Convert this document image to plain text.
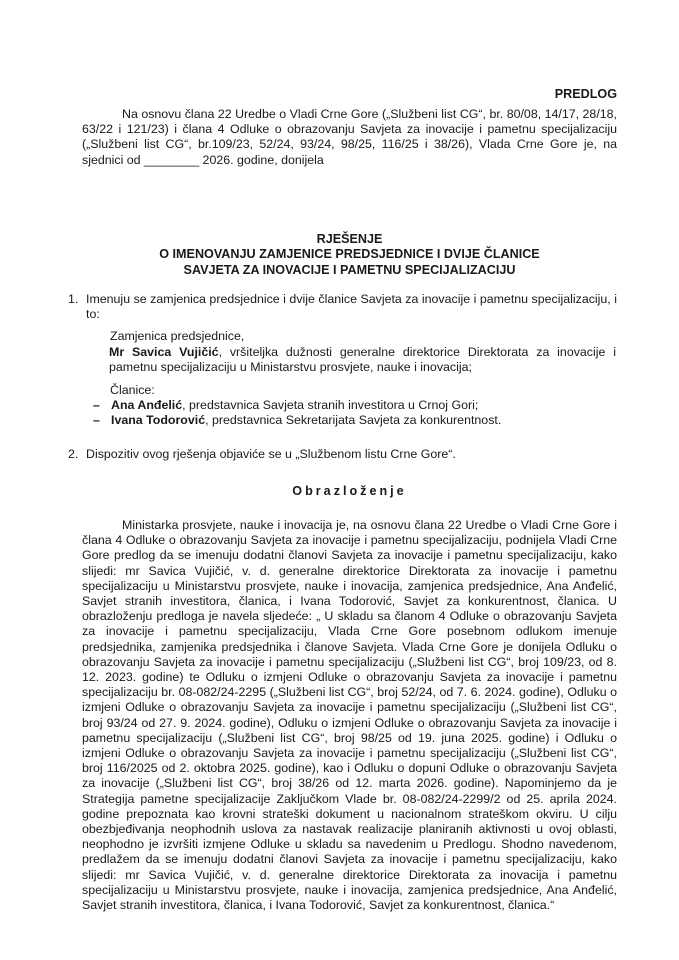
PREDLOG

Na osnovu člana 22 Uredbe o Vladi Crne Gore („Službeni list CG“, br. 80/08, 14/17, 28/18, 63/22 i 121/23) i člana 4 Odluke o obrazovanju Savjeta za inovacije i pametnu specijalizaciju („Službeni list CG“, br.109/23, 52/24, 93/24, 98/25, 116/25 i 38/26), Vlada Crne Gore je, na sjednici od ________ 2026. godine, donijela

RJEŠENJE
O IMENOVANJU ZAMJENICE PREDSJEDNICE I DVIJE ČLANICE
SAVJETA ZA INOVACIJE I PAMETNU SPECIJALIZACIJU
1. Imenuju se zamjenica predsjednice i dvije članice Savjeta za inovacije i pametnu specijalizaciju, i to:
Zamjenica predsjednice,
Mr Savica Vujičić, vršiteljka dužnosti generalne direktorice Direktorata za inovacije i pametnu specijalizaciju u Ministarstvu prosvjete, nauke i inovacija;
Članice:
– Ana Anđelić, predstavnica Savjeta stranih investitora u Crnoj Gori;
– Ivana Todorović, predstavnica Sekretarijata Savjeta za konkurentnost.
2. Dispozitiv ovog rješenja objaviće se u „Službenom listu Crne Gore“.
Obrazloženje

Ministarka prosvjete, nauke i inovacija je, na osnovu člana 22 Uredbe o Vladi Crne Gore i člana 4 Odluke o obrazovanju Savjeta za inovacije i pametnu specijalizaciju, podnijela Vladi Crne Gore predlog da se imenuju dodatni članovi Savjeta za inovacije i pametnu specijalizaciju, kako slijedi: mr Savica Vujičić, v. d. generalne direktorice Direktorata za inovacije i pametnu specijalizaciju u Ministarstvu prosvjete, nauke i inovacija, zamjenica predsjednice, Ana Anđelić, Savjet stranih investitora, članica, i Ivana Todorović, Savjet za konkurentnost, članica. U obrazloženju predloga je navela sljedeće: „ U skladu sa članom 4 Odluke o obrazovanju Savjeta za inovacije i pametnu specijalizaciju, Vlada Crne Gore posebnom odlukom imenuje predsjednika, zamjenika predsjednika i članove Savjeta. Vlada Crne Gore je donijela Odluku o obrazovanju Savjeta za inovacije i pametnu specijalizaciju („Službeni list CG“, broj 109/23, od 8. 12. 2023. godine) te Odluku o izmjeni Odluke o obrazovanju Savjeta za inovacije i pametnu specijalizaciju br. 08-082/24-2295 („Službeni list CG“, broj 52/24, od 7. 6. 2024. godine), Odluku o izmjeni Odluke o obrazovanju Savjeta za inovacije i pametnu specijalizaciju („Službeni list CG“, broj 93/24 od 27. 9. 2024. godine), Odluku o izmjeni Odluke o obrazovanju Savjeta za inovacije i pametnu specijalizaciju („Službeni list CG“, broj 98/25 od 19. juna 2025. godine) i Odluku o izmjeni Odluke o obrazovanju Savjeta za inovacije i pametnu specijalizaciju („Službeni list CG“, broj 116/2025 od 2. oktobra 2025. godine), kao i Odluku o dopuni Odluke o obrazovanju Savjeta za inovacije („Službeni list CG“, broj 38/26 od 12. marta 2026. godine). Napominjemo da je Strategija pametne specijalizacije Zaključkom Vlade br. 08-082/24-2299/2 od 25. aprila 2024. godine prepoznata kao krovni strateški dokument u nacionalnom strateškom okviru. U cilju obezbjeđivanja neophodnih uslova za nastavak realizacije planiranih aktivnosti u ovoj oblasti, neophodno je izvršiti izmjene Odluke u skladu sa navedenim u Predlogu. Shodno navedenom, predlažem da se imenuju dodatni članovi Savjeta za inovacije i pametnu specijalizaciju, kako slijedi: mr Savica Vujičić, v. d. generalne direktorice Direktorata za inovacija i pametnu specijalizaciju u Ministarstvu prosvjete, nauke i inovacija, zamjenica predsjednice, Ana Anđelić, Savjet stranih investitora, članica, i Ivana Todorović, Savjet za konkurentnost, članica.“
